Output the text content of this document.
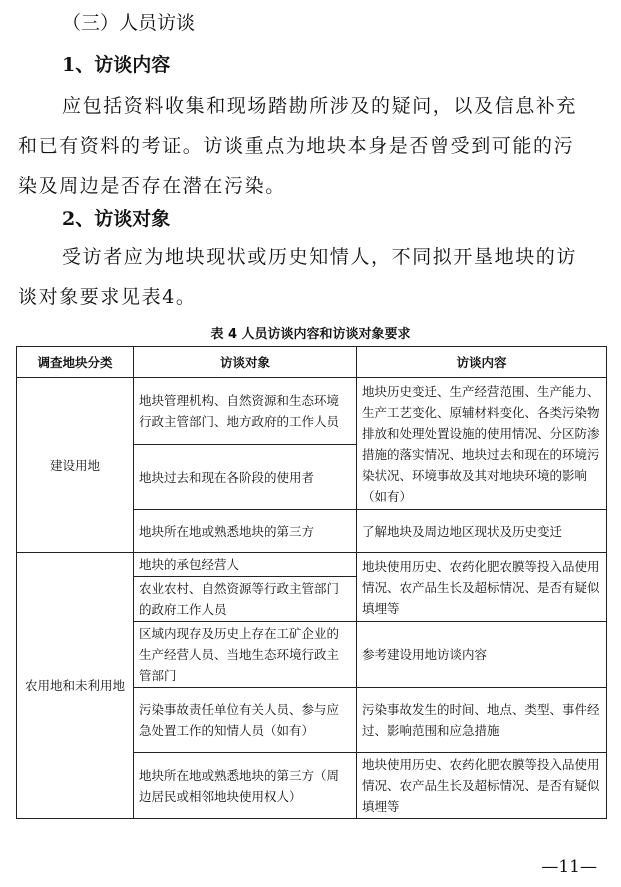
（三）人员访谈
1、访谈内容
应包括资料收集和现场踏勘所涉及的疑问，以及信息补充
和已有资料的考证。访谈重点为地块本身是否曾受到可能的污
染及周边是否存在潜在污染。
2、访谈对象
受访者应为地块现状或历史知情人，不同拟开垦地块的访
谈对象要求见表4。
表 4 人员访谈内容和访谈对象要求
调查地块分类	访谈对象	访谈内容
建设用地	地块管理机构、自然资源和生态环境行政主管部门、地方政府的工作人员	地块历史变迁、生产经营范围、生产能力、生产工艺变化、原辅材料变化、各类污染物排放和处理处置设施的使用情况、分区防渗措施的落实情况、地块过去和现在的环境污染状况、环境事故及其对地块环境的影响（如有）
	地块过去和现在各阶段的使用者	
	地块所在地或熟悉地块的第三方	了解地块及周边地区现状及历史变迁
农用地和未利用地	地块的承包经营人	地块使用历史、农药化肥农膜等投入品使用情况、农产品生长及超标情况、是否有疑似填埋等
	农业农村、自然资源等行政主管部门的政府工作人员	
	区域内现存及历史上存在工矿企业的生产经营人员、当地生态环境行政主管部门	参考建设用地访谈内容
	污染事故责任单位有关人员、参与应急处置工作的知情人员（如有）	污染事故发生的时间、地点、类型、事件经过、影响范围和应急措施
	地块所在地或熟悉地块的第三方（周边居民或相邻地块使用权人）	地块使用历史、农药化肥农膜等投入品使用情况、农产品生长及超标情况、是否有疑似填埋等
—11—
